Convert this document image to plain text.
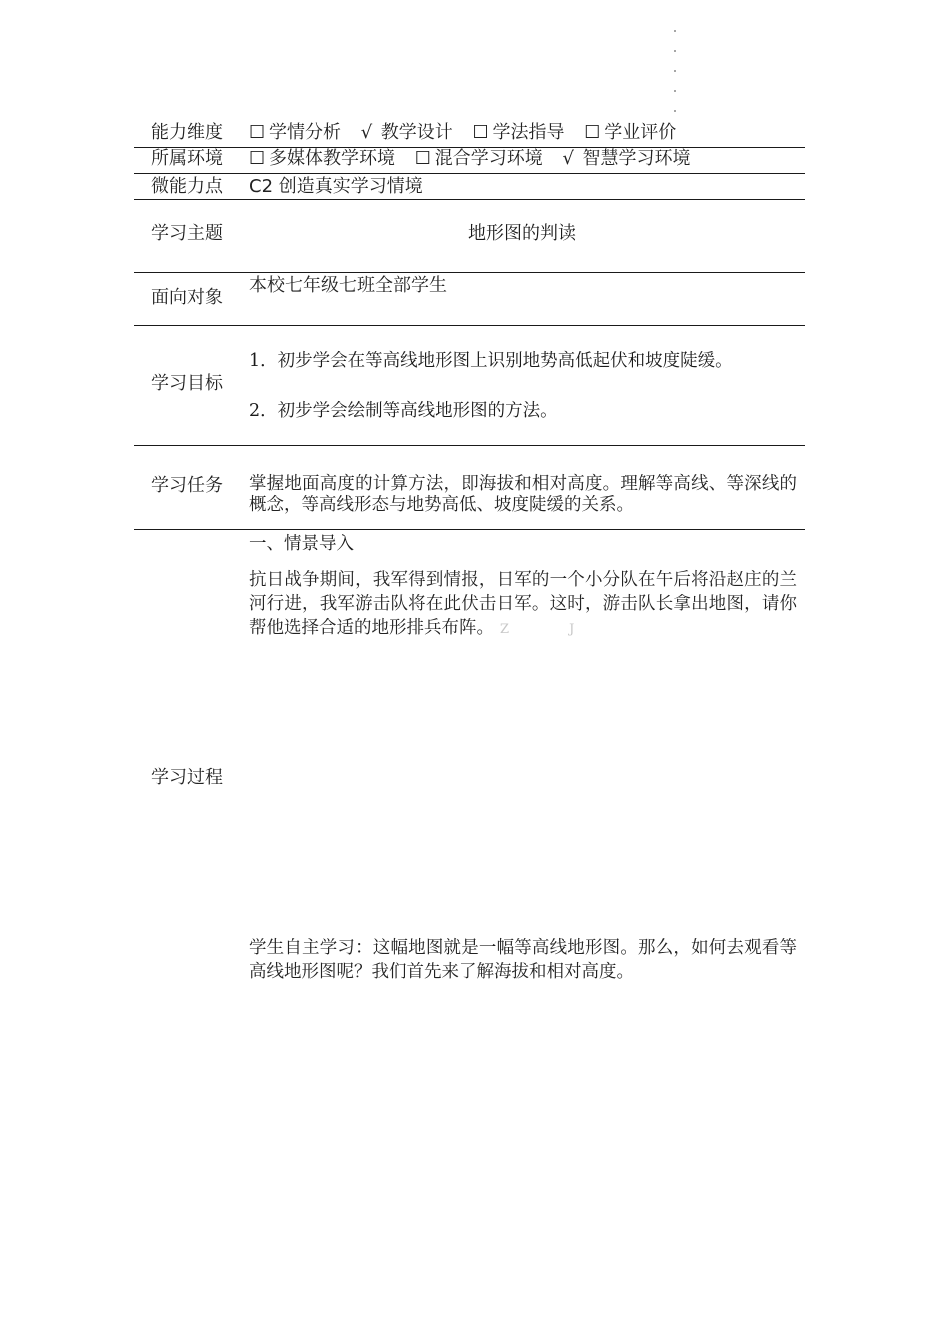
能力维度 ☐ 学情分析 √ 教学设计 ☐ 学法指导 ☐ 学业评价
所属环境 ☐ 多媒体教学环境 ☐ 混合学习环境 √ 智慧学习环境
微能力点 C2 创造真实学习情境
学习主题	地形图的判读
面向对象
本校七年级七班全部学生
学习目标
1．初步学会在等高线地形图上识别地势高低起伏和坡度陡缓。
2．初步学会绘制等高线地形图的方法。
学习任务 掌握地面高度的计算方法，即海拔和相对高度。理解等高线、等深线的概念，等高线形态与地势高低、坡度陡缓的关系。
学习过程
一、情景导入
抗日战争期间，我军得到情报，日军的一个小分队在午后将沿赵庄的兰河行进，我军游击队将在此伏击日军。这时，游击队长拿出地图，请你帮他选择合适的地形排兵布阵。 Z J
学生自主学习：这幅地图就是一幅等高线地形图。那么，如何去观看等高线地形图呢？我们首先来了解海拔和相对高度。
